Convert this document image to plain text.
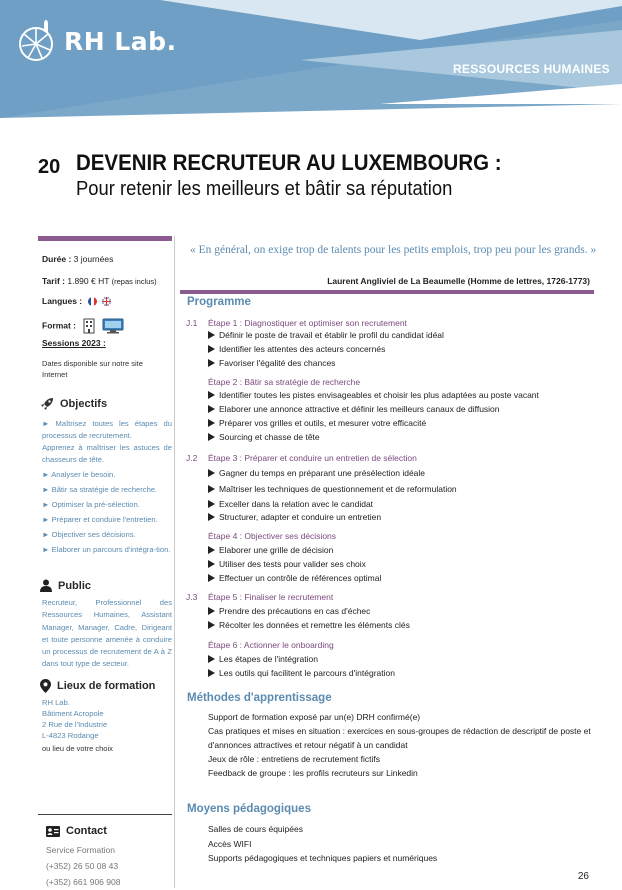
RH Lab.
RESSOURCES HUMAINES
20 DEVENIR RECRUTEUR AU LUXEMBOURG :
Pour retenir les meilleurs et bâtir sa réputation
Durée : 3 journées
Tarif : 1.890 € HT (repas inclus)
Langues :
Format :
Sessions 2023 :
Dates disponible sur notre site
Internet
Objectifs
► Maîtrisez toutes les étapes du processus de recrutement.
Apprenez à maîtriser les astuces de chasseurs de tête.
► Analyser le besoin.
► Bâtir sa stratégie de recherche.
► Optimiser la pré-sélection.
► Préparer et conduire l'entretien.
► Objectiver ses décisions.
► Elaborer un parcours d'intégra-tion.
Public
Recruteur, Professionnel des Ressources Humaines, Assistant Manager, Manager, Cadre, Dirigeant et toute personne amenée à conduire un processus de recrutement de A à Z dans tout type de secteur.
Lieux de formation
RH Lab.
Bâtiment Acropole
2 Rue de l'Industrie
L-4823 Rodange
ou lieu de votre choix
Contact
Service Formation
(+352) 26 50 08 43
(+352) 661 906 908
« En général, on exige trop de talents pour les petits emplois, trop peu pour les grands. »
Laurent Angliviel de La Beaumelle (Homme de lettres, 1726-1773)
Programme
J.1 Étape 1 : Diagnostiquer et optimiser son recrutement
Définir le poste de travail et établir le profil du candidat idéal
Identifier les attentes des acteurs concernés
Favoriser l'égalité des chances
Étape 2 : Bâtir sa stratégie de recherche
Identifier toutes les pistes envisageables et choisir les plus adaptées au poste vacant
Elaborer une annonce attractive et définir les meilleurs canaux de diffusion
Préparer vos grilles et outils, et mesurer votre efficacité
Sourcing et chasse de tête
J.2 Étape 3 : Préparer et conduire un entretien de sélection
Gagner du temps en préparant une présélection idéale
Maîtriser les techniques de questionnement et de reformulation
Exceller dans la relation avec le candidat
Structurer, adapter et conduire un entretien
Étape 4 : Objectiver ses décisions
Elaborer une grille de décision
Utiliser des tests pour valider ses choix
Effectuer un contrôle de références optimal
J.3 Étape 5 : Finaliser le recrutement
Prendre des précautions en cas d'échec
Récolter les données et remettre les éléments clés
Étape 6 : Actionner le onboarding
Les étapes de l'intégration
Les outils qui facilitent le parcours d'intégration
Méthodes d'apprentissage
Support de formation exposé par un(e) DRH confirmé(e)
Cas pratiques et mises en situation : exercices en sous-groupes de rédaction de descriptif de poste et
d'annonces attractives et retour négatif à un candidat
Jeux de rôle : entretiens de recrutement fictifs
Feedback de groupe : les profils recruteurs sur Linkedin
Moyens pédagogiques
Salles de cours équipées
Accès WIFI
Supports pédagogiques et techniques papiers et numériques
26
